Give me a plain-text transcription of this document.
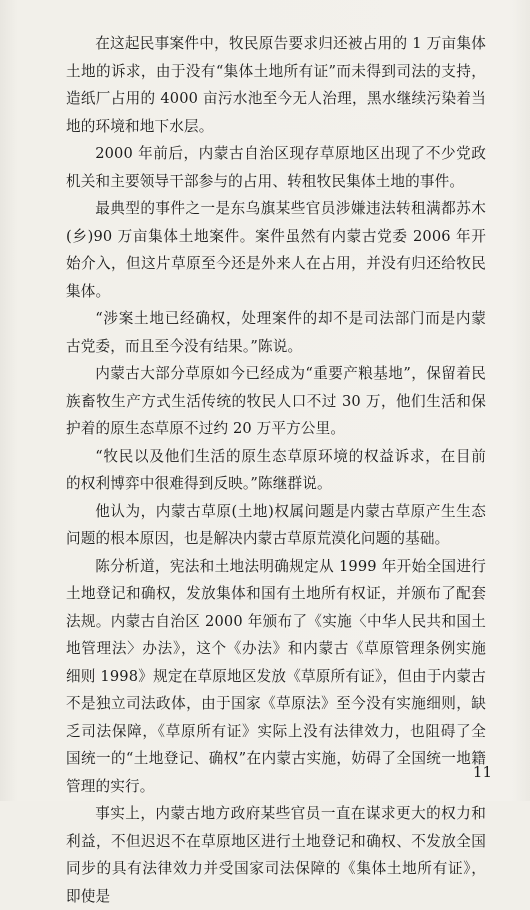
在这起民事案件中，牧民原告要求归还被占用的 1 万亩集体土地的诉求，由于没有“集体土地所有证”而未得到司法的支持，造纸厂占用的 4000 亩污水池至今无人治理，黑水继续污染着当地的环境和地下水层。

2000 年前后，内蒙古自治区现存草原地区出现了不少党政机关和主要领导干部参与的占用、转租牧民集体土地的事件。

最典型的事件之一是东乌旗某些官员涉嫌违法转租满都苏木(乡)90 万亩集体土地案件。案件虽然有内蒙古党委 2006 年开始介入，但这片草原至今还是外来人在占用，并没有归还给牧民集体。

“涉案土地已经确权，处理案件的却不是司法部门而是内蒙古党委，而且至今没有结果。”陈说。

内蒙古大部分草原如今已经成为“重要产粮基地”，保留着民族畜牧生产方式生活传统的牧民人口不过 30 万，他们生活和保护着的原生态草原不过约 20 万平方公里。

“牧民以及他们生活的原生态草原环境的权益诉求，在目前的权利博弈中很难得到反映。”陈继群说。

他认为，内蒙古草原(土地)权属问题是内蒙古草原产生生态问题的根本原因，也是解决内蒙古草原荒漠化问题的基础。

陈分析道，宪法和土地法明确规定从 1999 年开始全国进行土地登记和确权，发放集体和国有土地所有权证，并颁布了配套法规。内蒙古自治区 2000 年颁布了《实施〈中华人民共和国土地管理法〉办法》，这个《办法》和内蒙古《草原管理条例实施细则 1998》规定在草原地区发放《草原所有证》，但由于内蒙古不是独立司法政体，由于国家《草原法》至今没有实施细则，缺乏司法保障，《草原所有证》实际上没有法律效力，也阻碍了全国统一的“土地登记、确权”在内蒙古实施，妨碍了全国统一地籍管理的实行。

事实上，内蒙古地方政府某些官员一直在谋求更大的权力和利益，不但迟迟不在草原地区进行土地登记和确权、不发放全国同步的具有法律效力并受国家司法保障的《集体土地所有证》，即使是

11
